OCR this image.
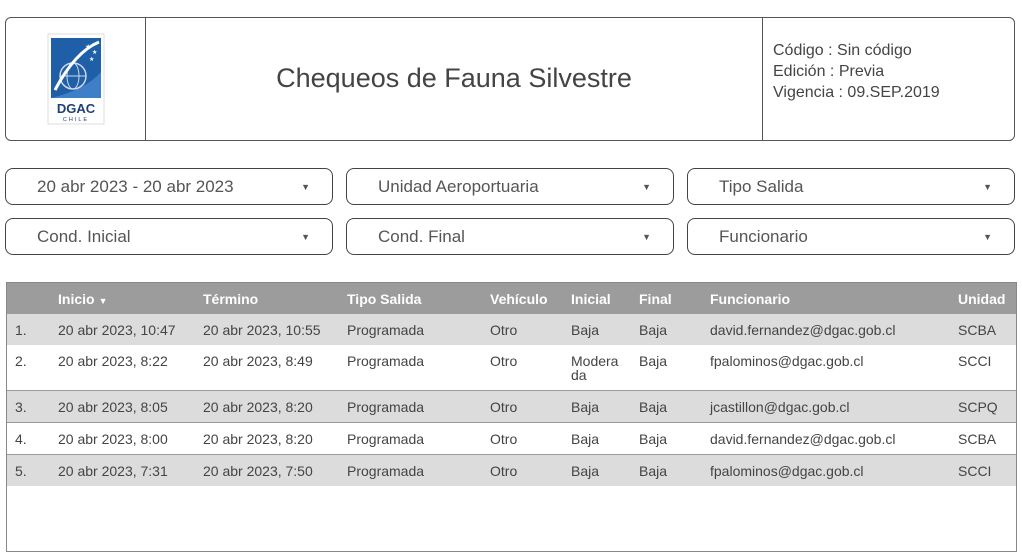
★
★
★
DGAC
CHILE
Chequeos de Fauna Silvestre
Código : Sin código
Edición : Previa
Vigencia : 09.SEP.2019
20 abr 2023 - 20 abr 2023	▼	Unidad Aeroportuaria	▼	Tipo Salida	▼
Cond. Inicial	▼	Cond. Final	▼	Funcionario	▼
	Inicio ▼	Término	Tipo Salida	Vehículo	Inicial	Final	Funcionario	Unidad
1.	20 abr 2023, 10:47	20 abr 2023, 10:55	Programada	Otro	Baja	Baja	david.fernandez@dgac.gob.cl	SCBA
2.	20 abr 2023, 8:22	20 abr 2023, 8:49	Programada	Otro	Moderada	Baja	fpalominos@dgac.gob.cl	SCCI
3.	20 abr 2023, 8:05	20 abr 2023, 8:20	Programada	Otro	Baja	Baja	jcastillon@dgac.gob.cl	SCPQ
4.	20 abr 2023, 8:00	20 abr 2023, 8:20	Programada	Otro	Baja	Baja	david.fernandez@dgac.gob.cl	SCBA
5.	20 abr 2023, 7:31	20 abr 2023, 7:50	Programada	Otro	Baja	Baja	fpalominos@dgac.gob.cl	SCCI
